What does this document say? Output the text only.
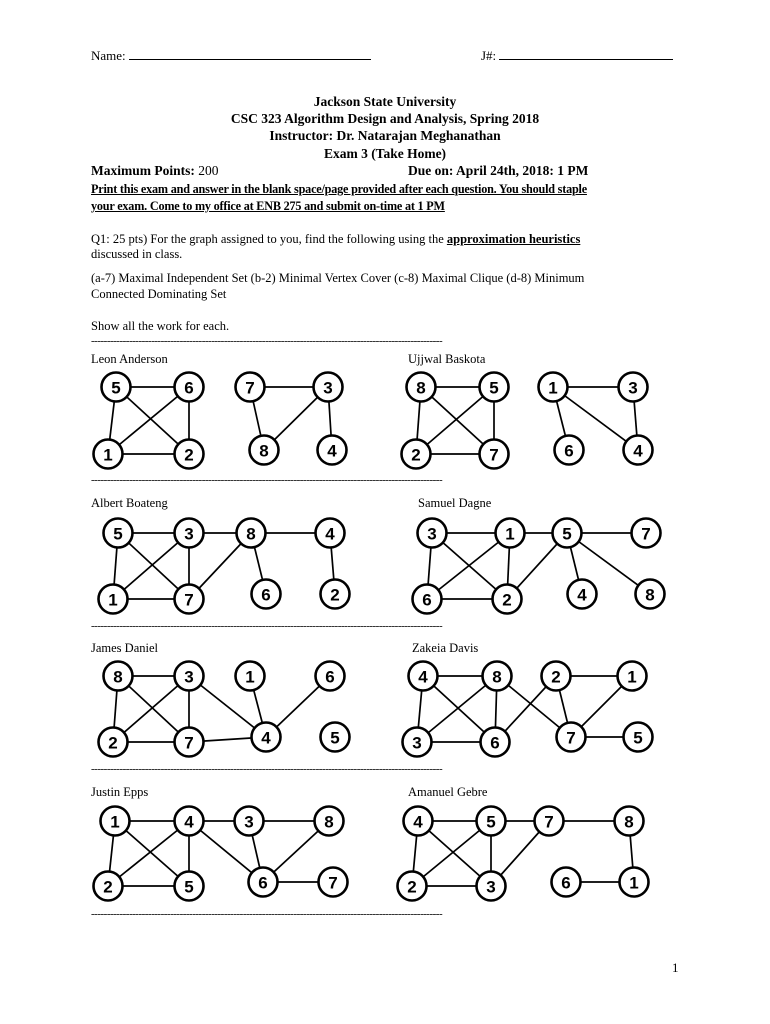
Name:	J#:
Jackson State University
CSC 323 Algorithm Design and Analysis, Spring 2018
Instructor: Dr. Natarajan Meghanathan
Exam 3 (Take Home)
Maximum Points: 200	Due on: April 24th, 2018: 1 PM
Print this exam and answer in the blank space/page provided after each question. You should staple
your exam. Come to my office at ENB 275 and submit on-time at 1 PM
Q1: 25 pts) For the graph assigned to you, find the following using the approximation heuristics
discussed in class.
(a-7) Maximal Independent Set (b-2) Minimal Vertex Cover (c-8) Maximal Clique (d-8) Minimum
Connected Dominating Set
Show all the work for each.
---------------------------------------------------------------------------------------------------------------
---------------------------------------------------------------------------------------------------------------
---------------------------------------------------------------------------------------------------------------
---------------------------------------------------------------------------------------------------------------
---------------------------------------------------------------------------------------------------------------
Leon Anderson	Ujjwal Baskota
Albert Boateng	Samuel Dagne
James Daniel	Zakeia Davis
Justin Epps	Amanuel Gebre
5	6	7	3
1	2	8	4
8	5	1	3
2	7	6	4
5	3	8	4
1	7	6	2
3	1	5	7
6	2	4	8
8	3	1	6
2	7	4	5
4	8	2	1
3	6	7	5
1	4	3	8
2	5	6	7
4	5	7	8
2	3	6	1
1
